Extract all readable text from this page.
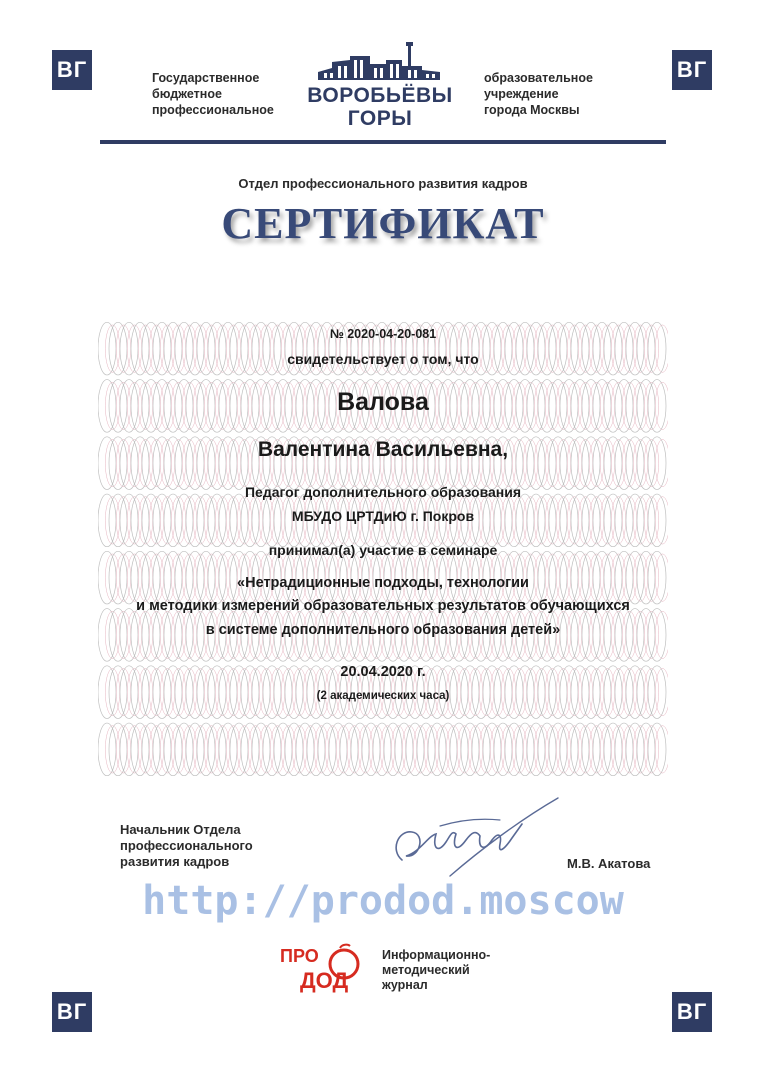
ВГ	ВГ
ВГ	ВГ
Государственное
бюджетное
профессиональное
ВОРОБЬЁВЫ
ГОРЫ
образовательное
учреждение
города Москвы
Отдел профессионального развития кадров
СЕРТИФИКАТ
№ 2020-04-20-081
свидетельствует о том, что
Валова
Валентина Васильевна,
Педагог дополнительного образования
МБУДО ЦРТДиЮ г. Покров
принимал(а) участие в семинаре
«Нетрадиционные подходы, технологии
и методики измерений образовательных результатов обучающихся
в системе дополнительного образования детей»
20.04.2020 г.
(2 академических часа)
Начальник Отдела
профессионального
развития кадров	М.В. Акатова
http://prodod.moscow
ПРО
ДОД
Информационно-
методический
журнал
